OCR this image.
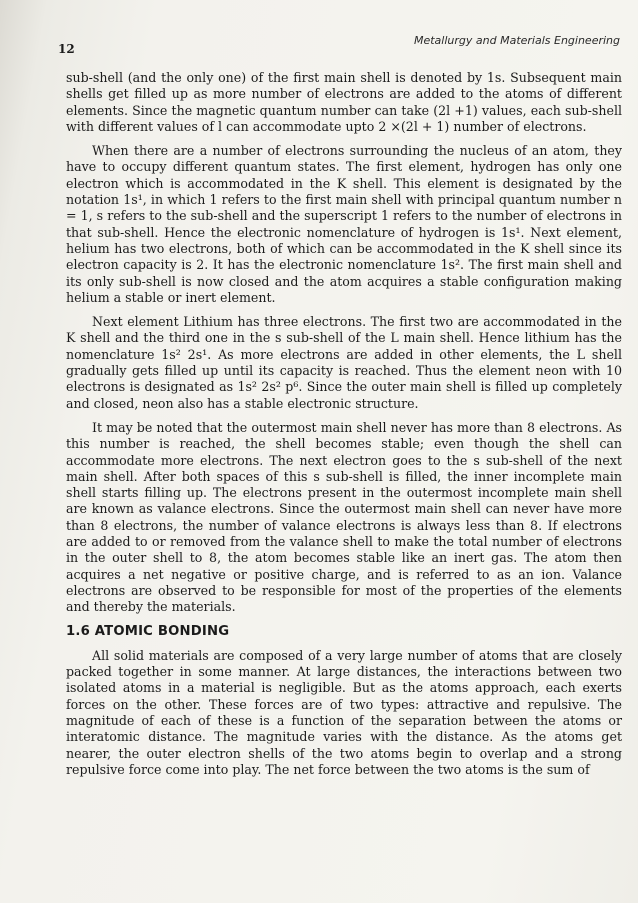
12
Metallurgy and Materials Engineering

sub-shell (and the only one) of the first main shell is denoted by 1s. Subsequent main shells get filled up as more number of electrons are added to the atoms of different elements. Since the magnetic quantum number can take (2l +1) values, each sub-shell with different values of l can accommodate upto 2 ×(2l + 1) number of electrons.

When there are a number of electrons surrounding the nucleus of an atom, they have to occupy different quantum states. The first element, hydrogen has only one electron which is accommodated in the K shell. This element is designated by the notation 1s¹, in which 1 refers to the first main shell with principal quantum number n = 1, s refers to the sub-shell and the superscript 1 refers to the number of electrons in that sub-shell. Hence the electronic nomenclature of hydrogen is 1s¹. Next element, helium has two electrons, both of which can be accommodated in the K shell since its electron capacity is 2. It has the electronic nomenclature 1s². The first main shell and its only sub-shell is now closed and the atom acquires a stable configuration making helium a stable or inert element.

Next element Lithium has three electrons. The first two are accommodated in the K shell and the third one in the s sub-shell of the L main shell. Hence lithium has the nomenclature 1s² 2s¹. As more electrons are added in other elements, the L shell gradually gets filled up until its capacity is reached. Thus the element neon with 10 electrons is designated as 1s² 2s² p⁶. Since the outer main shell is filled up completely and closed, neon also has a stable electronic structure.

It may be noted that the outermost main shell never has more than 8 electrons. As this number is reached, the shell becomes stable; even though the shell can accommodate more electrons. The next electron goes to the s sub-shell of the next main shell. After both spaces of this s sub-shell is filled, the inner incomplete main shell starts filling up. The electrons present in the outermost incomplete main shell are known as valance electrons. Since the outermost main shell can never have more than 8 electrons, the number of valance electrons is always less than 8. If electrons are added to or removed from the valance shell to make the total number of electrons in the outer shell to 8, the atom becomes stable like an inert gas. The atom then acquires a net negative or positive charge, and is referred to as an ion. Valance electrons are observed to be responsible for most of the properties of the elements and thereby the materials.

1.6 ATOMIC BONDING

All solid materials are composed of a very large number of atoms that are closely packed together in some manner. At large distances, the interactions between two isolated atoms in a material is negligible. But as the atoms approach, each exerts forces on the other. These forces are of two types: attractive and repulsive. The magnitude of each of these is a function of the separation between the atoms or interatomic distance. The magnitude varies with the distance. As the atoms get nearer, the outer electron shells of the two atoms begin to overlap and a strong repulsive force come into play. The net force between the two atoms is the sum of
